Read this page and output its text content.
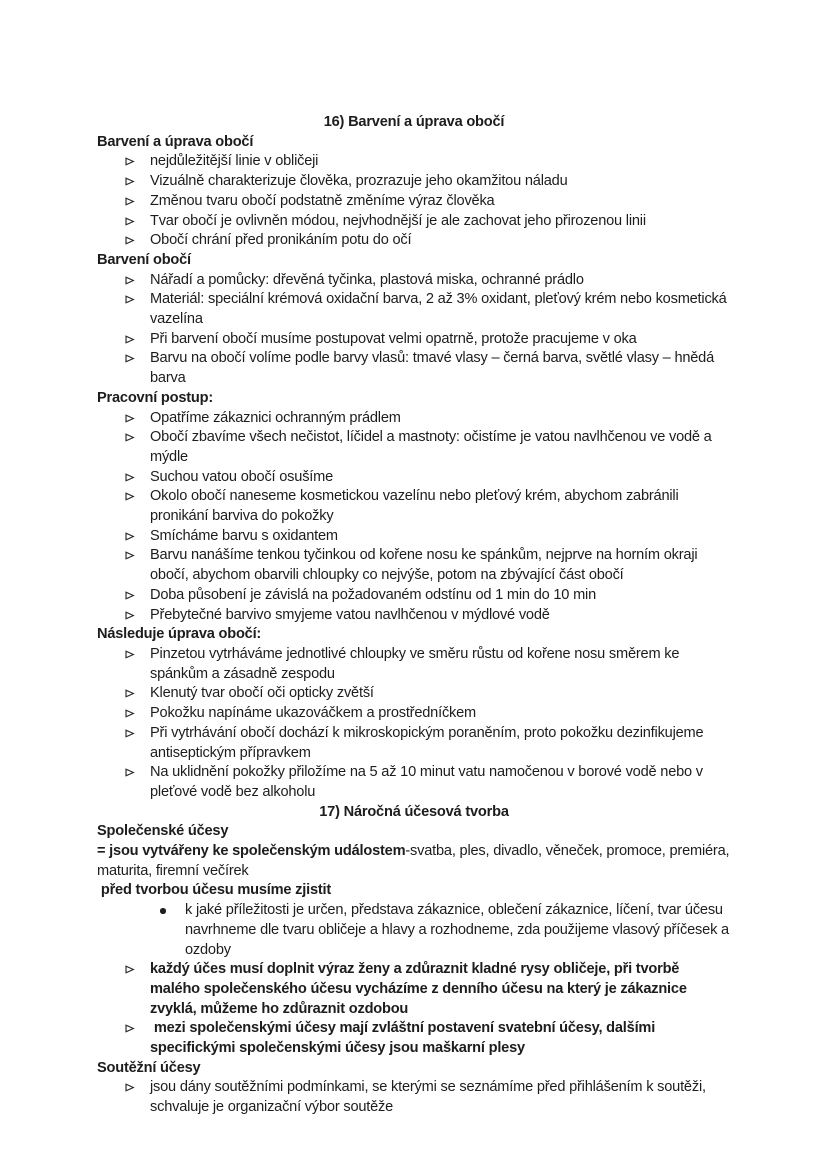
16) Barvení a úprava obočí
Barvení a úprava obočí
nejdůležitější linie v obličeji
Vizuálně charakterizuje člověka, prozrazuje jeho okamžitou náladu
Změnou tvaru obočí podstatně změníme výraz člověka
Tvar obočí je ovlivněn módou, nejvhodnější je ale zachovat jeho přirozenou linii
Obočí chrání před pronikáním potu do očí
Barvení obočí
Nářadí a pomůcky: dřevěná tyčinka, plastová miska, ochranné prádlo
Materiál: speciální krémová oxidační barva, 2 až 3% oxidant, pleťový krém nebo kosmetická vazelína
Při barvení obočí musíme postupovat velmi opatrně, protože pracujeme v oka
Barvu na obočí volíme podle barvy vlasů: tmavé vlasy – černá barva, světlé vlasy – hnědá barva
Pracovní postup:
Opatříme zákaznici ochranným prádlem
Obočí zbavíme všech nečistot, líčidel a mastnoty: očistíme je vatou navlhčenou ve vodě a mýdle
Suchou vatou obočí osušíme
Okolo obočí naneseme kosmetickou vazelínu nebo pleťový krém, abychom zabránili pronikání barviva do pokožky
Smícháme barvu s oxidantem
Barvu nanášíme tenkou tyčinkou od kořene nosu ke spánkům, nejprve na horním okraji obočí, abychom obarvili chloupky co nejvýše, potom na zbývající část obočí
Doba působení je závislá na požadovaném odstínu od 1 min do 10 min
Přebytečné barvivo smyjeme vatou navlhčenou v mýdlové vodě
Následuje úprava obočí:
Pinzetou vytrháváme jednotlivé chloupky ve směru růstu od kořene nosu směrem ke spánkům a zásadně zespodu
Klenutý tvar obočí oči opticky zvětší
Pokožku napínáme ukazováčkem a prostředníčkem
Při vytrhávání obočí dochází k mikroskopickým poraněním, proto pokožku dezinfikujeme antiseptickým přípravkem
Na uklidnění pokožky přiložíme na 5 až 10 minut vatu namočenou v borové vodě nebo v pleťové vodě bez alkoholu
17) Náročná účesová tvorba
Společenské účesy
= jsou vytvářeny ke společenským událostem-svatba, ples, divadlo, věneček, promoce, premiéra, maturita, firemní večírek
před tvorbou účesu musíme zjistit
k jaké příležitosti je určen, představa zákaznice, oblečení zákaznice, líčení, tvar účesu navrhneme dle tvaru obličeje a hlavy a rozhodneme, zda použijeme vlasový příčesek a ozdoby
každý účes musí doplnit výraz ženy a zdůraznit kladné rysy obličeje, při tvorbě malého společenského účesu vycházíme z denního účesu na který je zákaznice zvyklá, můžeme ho zdůraznit ozdobou
mezi společenskými účesy mají zvláštní postavení svatební účesy, dalšími specifickými společenskými účesy jsou maškarní plesy
Soutěžní účesy
jsou dány soutěžními podmínkami, se kterými se seznámíme před přihlášením k soutěži, schvaluje je organizační výbor soutěže
